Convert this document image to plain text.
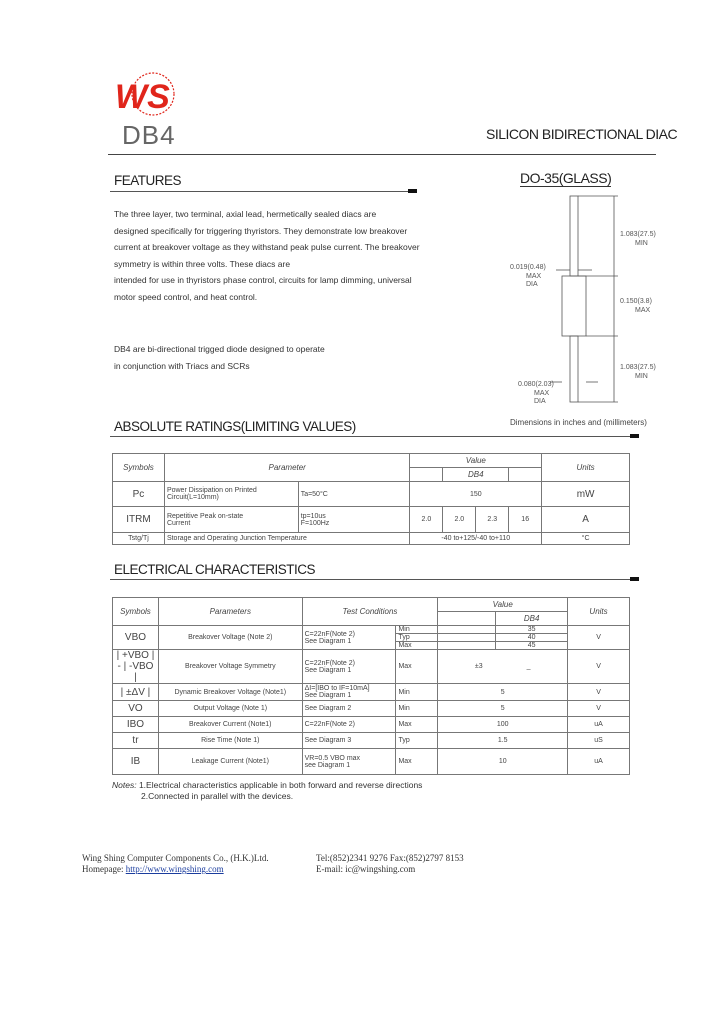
WS
DB4	SILICON BIDIRECTIONAL DIAC
FEATURES
The three layer, two terminal, axial lead, hermetically sealed diacs are
designed specifically for triggering thyristors. They demonstrate low breakover
current at breakover voltage as they withstand peak pulse current. The breakover
symmetry is within three volts. These diacs are
intended for use in thyristors phase control, circuits for lamp dimming, universal
motor speed control, and heat control.
DB4 are bi-directional trigged diode designed to operate
in conjunction with Triacs and SCRs
DO-35(GLASS)
1.083(27.5)
MIN
0.019(0.48)
MAX
DIA
0.150(3.8)
MAX
1.083(27.5)
MIN
0.080(2.03)
MAX
DIA
ABSOLUTE RATINGS(LIMITING VALUES)	Dimensions in inches and (millimeters)
Symbols	Parameter		Value				Units
				DB4			
Pc	Power Dissipation on Printed
Circuit(L=10mm)	Ta=50°C	150				mW
ITRM	Repetitive Peak on-state
Current	tp=10us
F=100Hz	2.0	2.0	2.3	16	A
Tstg/Tj	Storage and Operating Junction Temperature		-40 to+125/-40 to+110				°C
ELECTRICAL CHARACTERISTICS
Symbols	Parameters	Test Conditions		Value		Units
					DB4	
VBO	Breakover Voltage (Note 2)	C=22nF(Note 2)
See Diagram 1	Min		35	V
			Typ		40	
			Max		45	
| +VBO |
- | -VBO |	Breakover Voltage Symmetry	C=22nF(Note 2)
See Diagram 1	Max	±3 _		V
| ±ΔV |	Dynamic Breakover Voltage (Note1)	ΔI=[IBO to IF=10mA]
See Diagram 1	Min	5		V
VO	Output Voltage (Note 1)	See Diagram 2	Min	5		V
IBO	Breakover Current (Note1)	C=22nF(Note 2)	Max	100		uA
tr	Rise Time (Note 1)	See Diagram 3	Typ	1.5		uS
IB	Leakage Current (Note1)	VR=0.5 VBO max
see Diagram 1	Max	10		uA
Notes: 1.Electrical characteristics applicable in both forward and reverse directions
2.Connected in parallel with the devices.
Wing Shing Computer Components Co., (H.K.)Ltd.
Homepage: http://www.wingshing.com
Tel:(852)2341 9276 Fax:(852)2797 8153
E-mail: ic@wingshing.com
